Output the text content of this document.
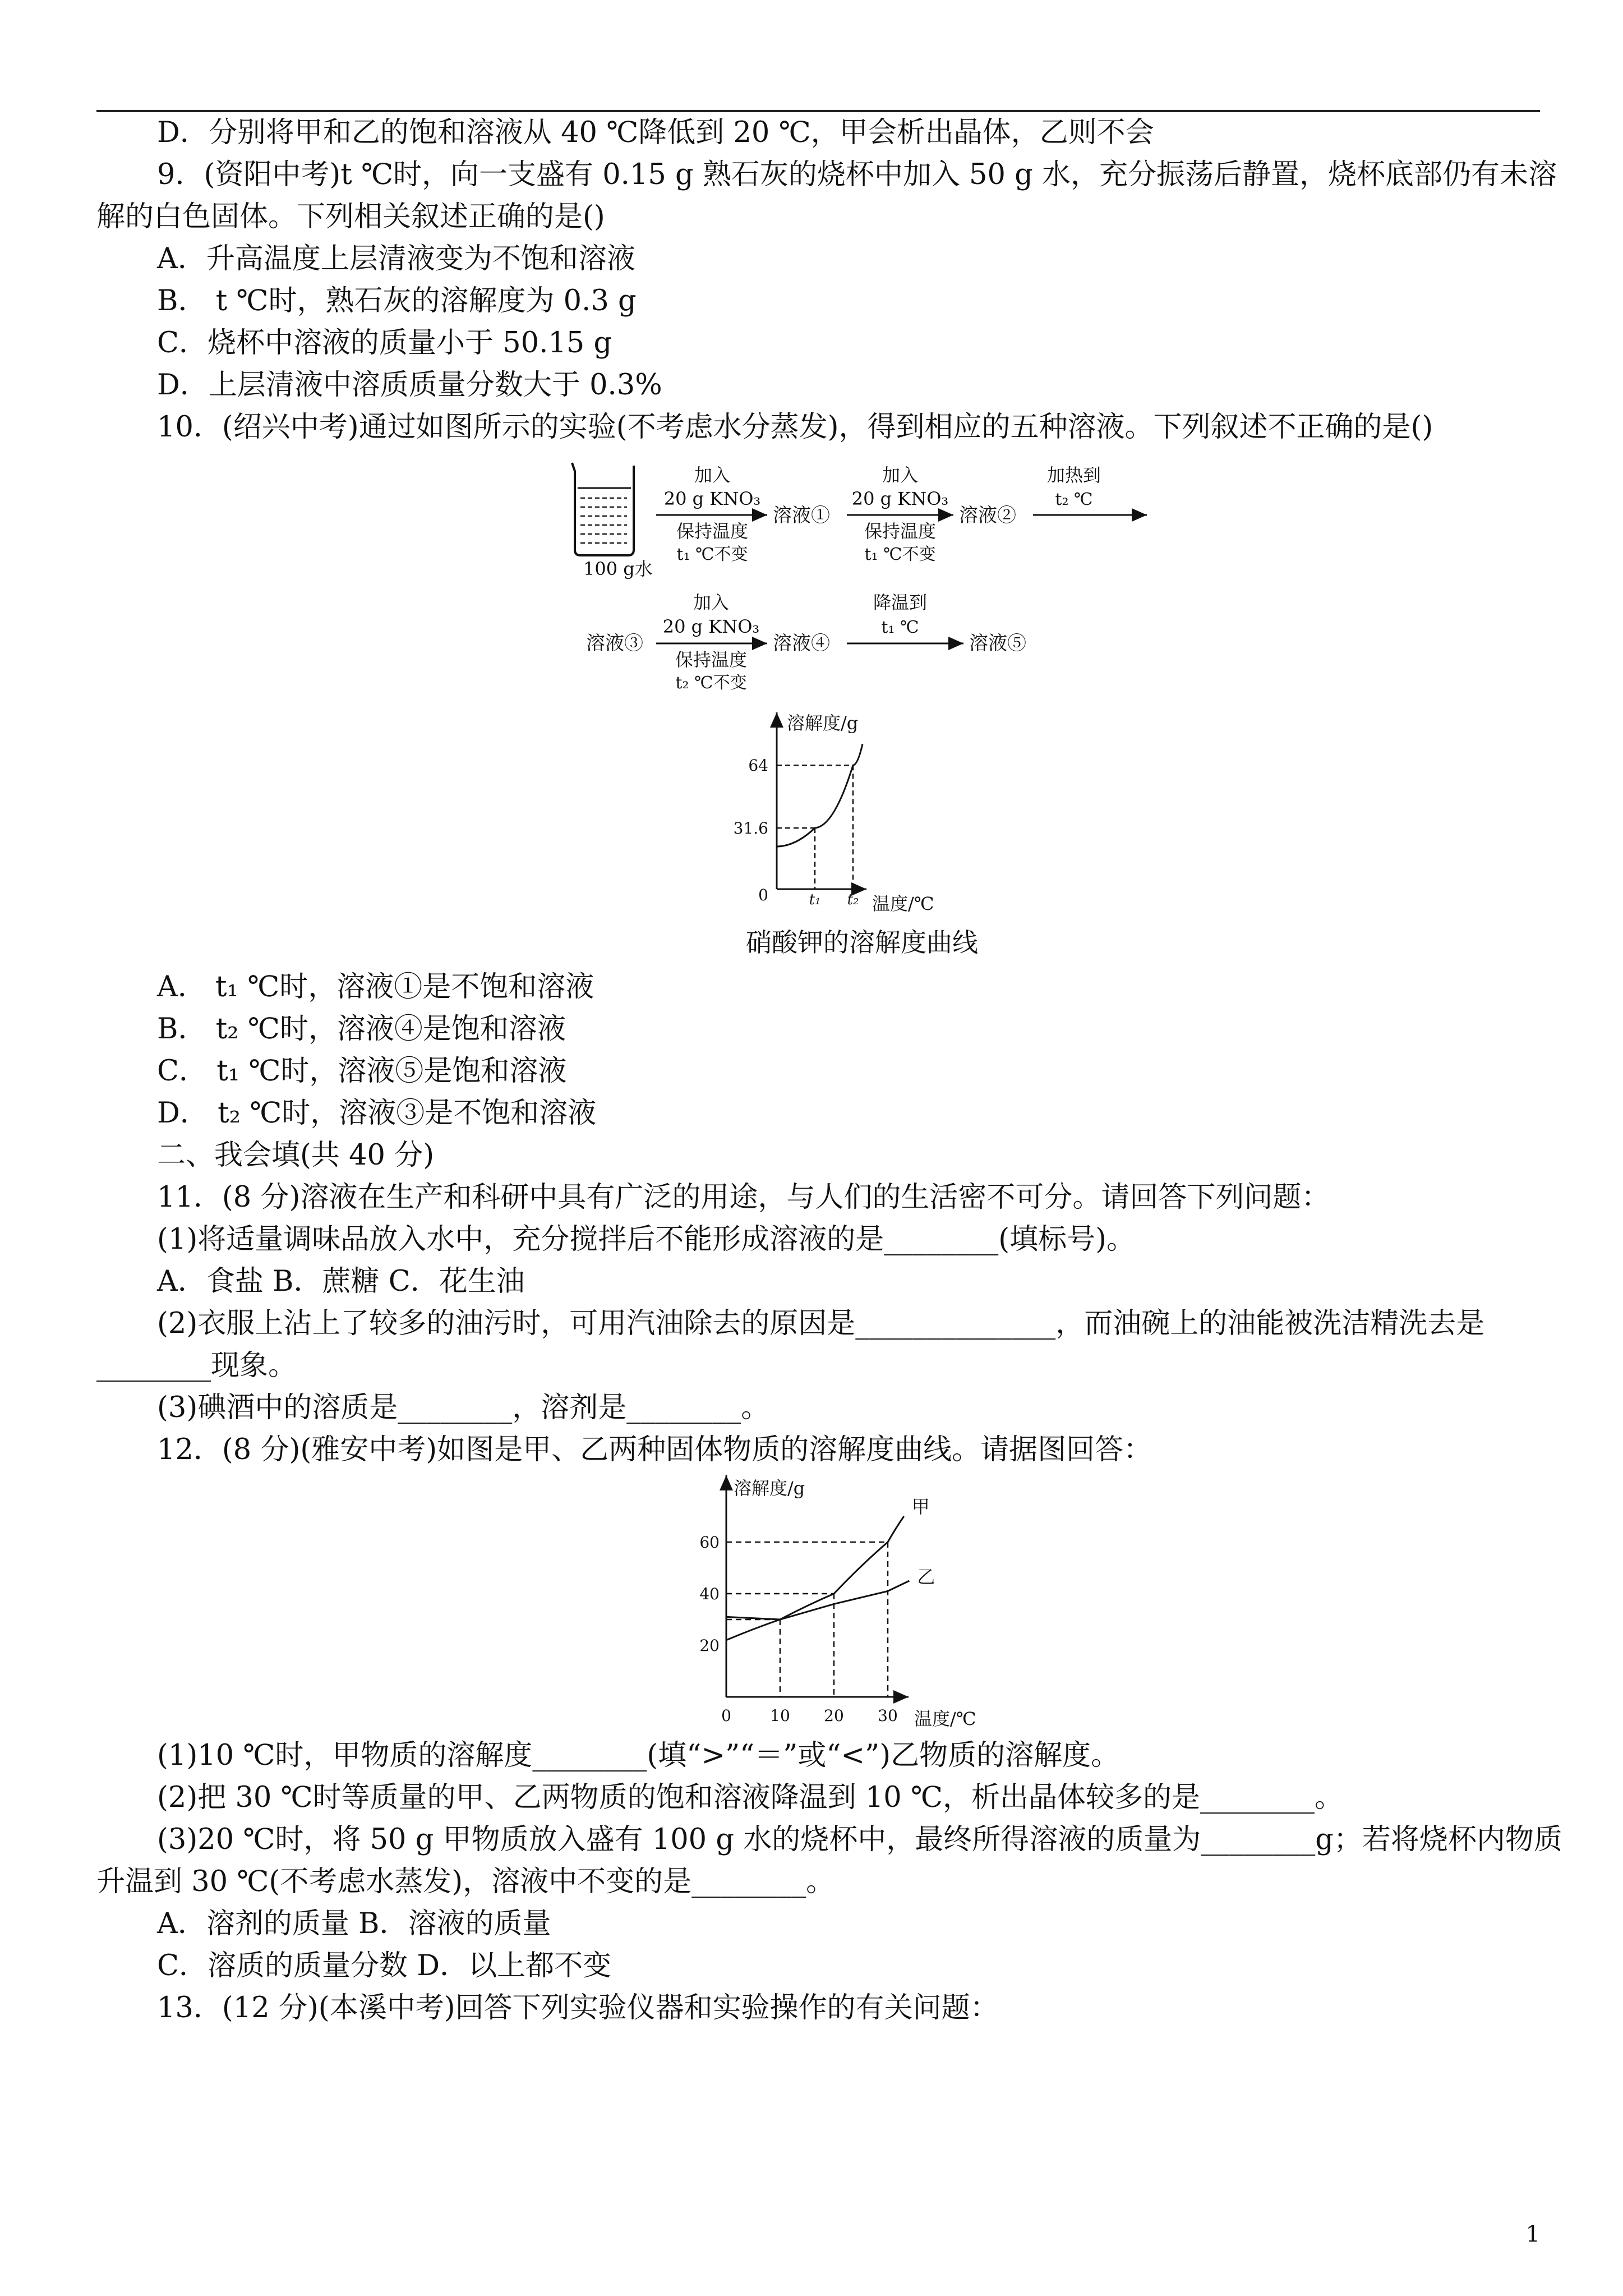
D．分别将甲和乙的饱和溶液从 40 ℃降低到 20 ℃，甲会析出晶体，乙则不会
9．(资阳中考)t ℃时，向一支盛有 0.15 g 熟石灰的烧杯中加入 50 g 水，充分振荡后静置，烧杯底部仍有未溶
解的白色固体。下列相关叙述正确的是()
A．升高温度上层清液变为不饱和溶液
B． t ℃时，熟石灰的溶解度为 0.3 g
C．烧杯中溶液的质量小于 50.15 g
D．上层清液中溶质质量分数大于 0.3%
10．(绍兴中考)通过如图所示的实验(不考虑水分蒸发)，得到相应的五种溶液。下列叙述不正确的是()
100 g水
加入
20 g KNO₃
保持温度
t₁ ℃不变
溶液①
加入
20 g KNO₃
保持温度
t₁ ℃不变
溶液②
加热到
t₂ ℃
溶液③
加入
20 g KNO₃
保持温度
t₂ ℃不变
溶液④
降温到
t₁ ℃
溶液⑤
溶解度/g
温度/℃
0
31.6
64
t₁ t₂
硝酸钾的溶解度曲线
A． t₁ ℃时，溶液①是不饱和溶液
B． t₂ ℃时，溶液④是饱和溶液
C． t₁ ℃时，溶液⑤是饱和溶液
D． t₂ ℃时，溶液③是不饱和溶液
二、我会填(共 40 分)
11．(8 分)溶液在生产和科研中具有广泛的用途，与人们的生活密不可分。请回答下列问题：
(1)将适量调味品放入水中，充分搅拌后不能形成溶液的是________(填标号)。
A．食盐 B．蔗糖 C．花生油
(2)衣服上沾上了较多的油污时，可用汽油除去的原因是______________，而油碗上的油能被洗洁精洗去是
________现象。
(3)碘酒中的溶质是________，溶剂是________。
12．(8 分)(雅安中考)如图是甲、乙两种固体物质的溶解度曲线。请据图回答：
溶解度/g
温度/℃
0
20
40
60
10 20 30
甲
乙
(1)10 ℃时，甲物质的溶解度________(填“>”“＝”或“<”)乙物质的溶解度。
(2)把 30 ℃时等质量的甲、乙两物质的饱和溶液降温到 10 ℃，析出晶体较多的是________。
(3)20 ℃时，将 50 g 甲物质放入盛有 100 g 水的烧杯中，最终所得溶液的质量为________g；若将烧杯内物质
升温到 30 ℃(不考虑水蒸发)，溶液中不变的是________。
A．溶剂的质量 B．溶液的质量
C．溶质的质量分数 D．以上都不变
13．(12 分)(本溪中考)回答下列实验仪器和实验操作的有关问题：
1
